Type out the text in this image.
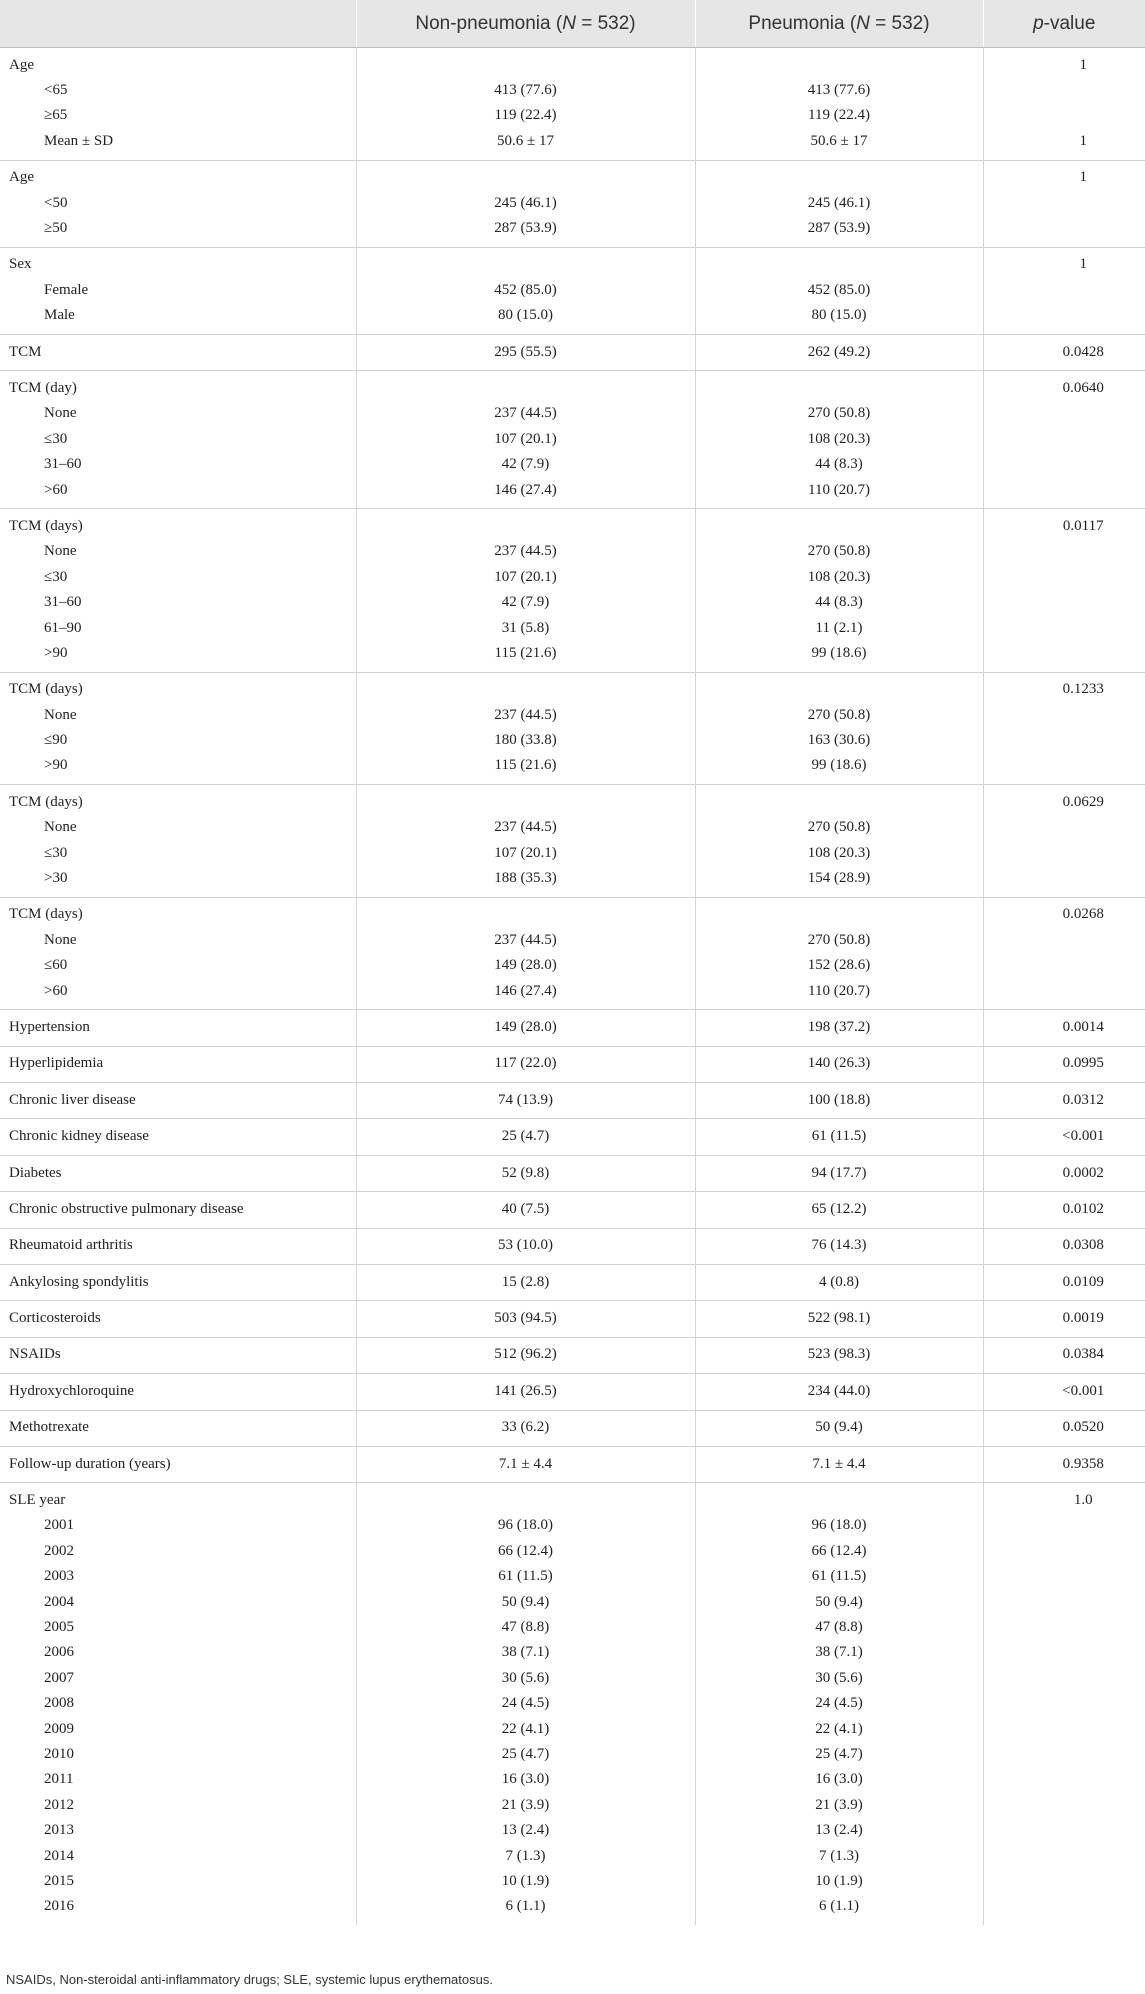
	Non-pneumonia (N = 532)	Pneumonia (N = 532)	p-value
Age			1
<65	413 (77.6)	413 (77.6)	
≥65	119 (22.4)	119 (22.4)	
Mean ± SD	50.6 ± 17	50.6 ± 17	1
Age			1
<50	245 (46.1)	245 (46.1)	
≥50	287 (53.9)	287 (53.9)	
Sex			1
Female	452 (85.0)	452 (85.0)	
Male	80 (15.0)	80 (15.0)	
TCM	295 (55.5)	262 (49.2)	0.0428
TCM (day)			0.0640
None	237 (44.5)	270 (50.8)	
≤30	107 (20.1)	108 (20.3)	
31–60	42 (7.9)	44 (8.3)	
>60	146 (27.4)	110 (20.7)	
TCM (days)			0.0117
None	237 (44.5)	270 (50.8)	
≤30	107 (20.1)	108 (20.3)	
31–60	42 (7.9)	44 (8.3)	
61–90	31 (5.8)	11 (2.1)	
>90	115 (21.6)	99 (18.6)	
TCM (days)			0.1233
None	237 (44.5)	270 (50.8)	
≤90	180 (33.8)	163 (30.6)	
>90	115 (21.6)	99 (18.6)	
TCM (days)			0.0629
None	237 (44.5)	270 (50.8)	
≤30	107 (20.1)	108 (20.3)	
>30	188 (35.3)	154 (28.9)	
TCM (days)			0.0268
None	237 (44.5)	270 (50.8)	
≤60	149 (28.0)	152 (28.6)	
>60	146 (27.4)	110 (20.7)	
Hypertension	149 (28.0)	198 (37.2)	0.0014
Hyperlipidemia	117 (22.0)	140 (26.3)	0.0995
Chronic liver disease	74 (13.9)	100 (18.8)	0.0312
Chronic kidney disease	25 (4.7)	61 (11.5)	<0.001
Diabetes	52 (9.8)	94 (17.7)	0.0002
Chronic obstructive pulmonary disease	40 (7.5)	65 (12.2)	0.0102
Rheumatoid arthritis	53 (10.0)	76 (14.3)	0.0308
Ankylosing spondylitis	15 (2.8)	4 (0.8)	0.0109
Corticosteroids	503 (94.5)	522 (98.1)	0.0019
NSAIDs	512 (96.2)	523 (98.3)	0.0384
Hydroxychloroquine	141 (26.5)	234 (44.0)	<0.001
Methotrexate	33 (6.2)	50 (9.4)	0.0520
Follow-up duration (years)	7.1 ± 4.4	7.1 ± 4.4	0.9358
SLE year			1.0
2001	96 (18.0)	96 (18.0)	
2002	66 (12.4)	66 (12.4)	
2003	61 (11.5)	61 (11.5)	
2004	50 (9.4)	50 (9.4)	
2005	47 (8.8)	47 (8.8)	
2006	38 (7.1)	38 (7.1)	
2007	30 (5.6)	30 (5.6)	
2008	24 (4.5)	24 (4.5)	
2009	22 (4.1)	22 (4.1)	
2010	25 (4.7)	25 (4.7)	
2011	16 (3.0)	16 (3.0)	
2012	21 (3.9)	21 (3.9)	
2013	13 (2.4)	13 (2.4)	
2014	7 (1.3)	7 (1.3)	
2015	10 (1.9)	10 (1.9)	
2016	6 (1.1)	6 (1.1)	
NSAIDs, Non-steroidal anti-inflammatory drugs; SLE, systemic lupus erythematosus.
